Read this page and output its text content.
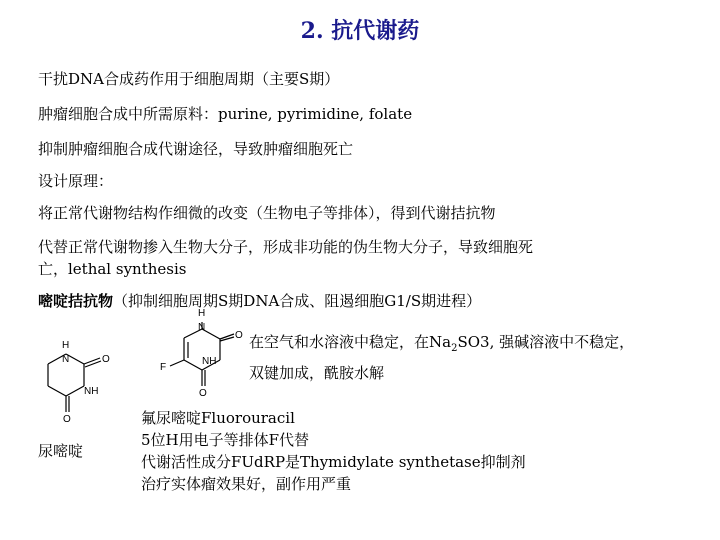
2. 抗代谢药
干扰DNA合成药作用于细胞周期（主要S期）
肿瘤细胞合成中所需原料：purine, pyrimidine, folate
抑制肿瘤细胞合成代谢途径，导致肿瘤细胞死亡
设计原理：
将正常代谢物结构作细微的改变（生物电子等排体），得到代谢拮抗物
代替正常代谢物掺入生物大分子，形成非功能的伪生物大分子，导致细胞死
亡，lethal synthesis
嘧啶拮抗物（抑制细胞周期S期DNA合成、阻遏细胞G1/S期进程）
H
N
O
NH
O
F
H
N	O
NH
O
在空气和水溶液中稳定，在$Na_2SO3$, 强碱溶液中不稳定，
双键加成，酰胺水解
尿嘧啶
氟尿嘧啶Fluorouracil
5位H用电子等排体F代替
代谢活性成分FUdRP是Thymidylate synthetase抑制剂
治疗实体瘤效果好，副作用严重
